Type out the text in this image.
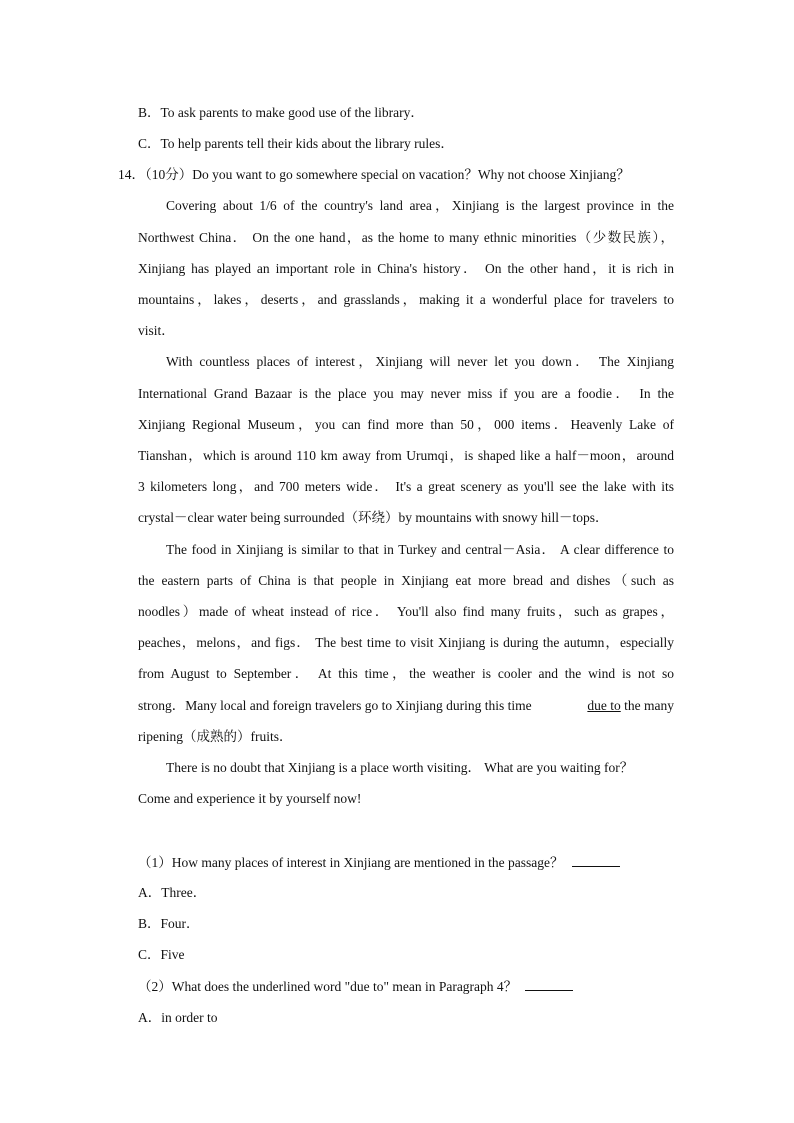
B．To ask parents to make good use of the library．
C．To help parents tell their kids about the library rules．
14．（10分）Do you want to go somewhere special on vacation？Why not choose Xinjiang？
Covering about 1/6 of the country's land area，Xinjiang is the largest province in the
Northwest China． On the one hand，as the home to many ethnic minorities（少数民族），
Xinjiang has played an important role in China's history． On the other hand，it is rich in
mountains，lakes，deserts，and grasslands，making it a wonderful place for travelers to
visit．
With countless places of interest，Xinjiang will never let you down． The Xinjiang
International Grand Bazaar is the place you may never miss if you are a foodie． In the
Xinjiang Regional Museum，you can find more than 50，000 items．Heavenly Lake of
Tianshan，which is around 110 km away from Urumqi，is shaped like a half－moon，around
3 kilometers long，and 700 meters wide． It's a great scenery as you'll see the lake with its
crystal－clear water being surrounded（环绕）by mountains with snowy hill－tops．
The food in Xinjiang is similar to that in Turkey and central－Asia． A clear difference to
the eastern parts of China is that people in Xinjiang eat more bread and dishes（such as
noodles）made of wheat instead of rice． You'll also find many fruits，such as grapes，
peaches，melons，and figs． The best time to visit Xinjiang is during the autumn，especially
from August to September． At this time，the weather is cooler and the wind is not so
strong．Many local and foreign travelers go to Xinjiang during this time	due to the many
ripening（成熟的）fruits．
There is no doubt that Xinjiang is a place worth visiting． What are you waiting for？
Come and experience it by yourself now!
（1）How many places of interest in Xinjiang are mentioned in the passage？
A．Three．
B．Four．
C．Five
（2）What does the underlined word "due to" mean in Paragraph 4？
A．in order to
